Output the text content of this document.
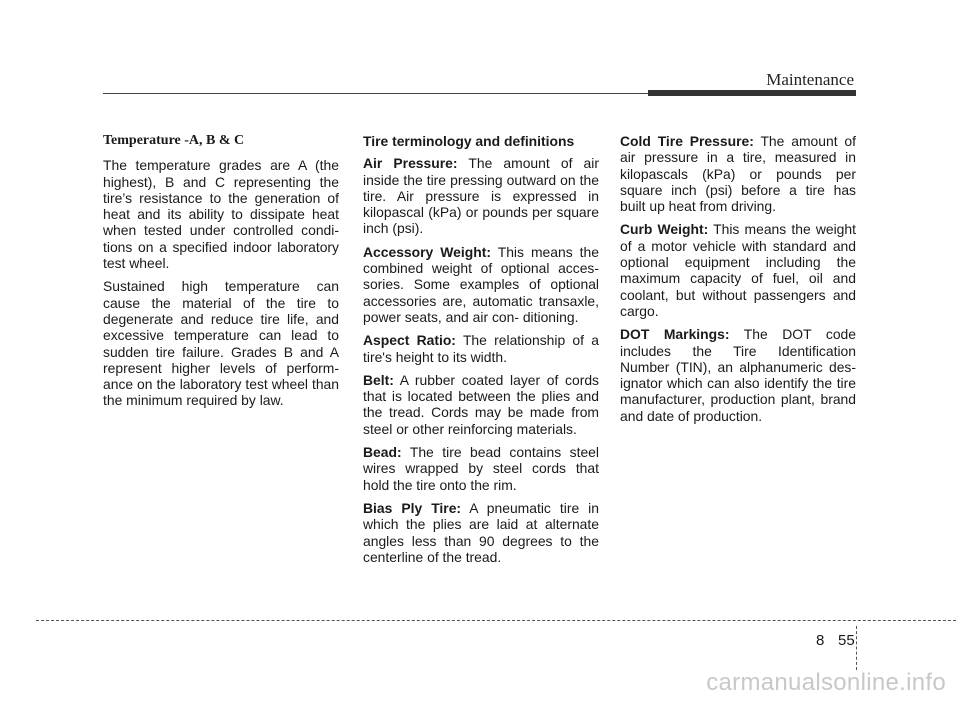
Maintenance
Temperature -A, B & C

The temperature grades are A (the highest), B and C representing the tire’s resistance to the generation of heat and its ability to dissipate heat when tested under controlled condi- tions on a specified indoor laboratory test wheel.

Sustained high temperature can cause the material of the tire to degenerate and reduce tire life, and excessive temperature can lead to sudden tire failure. Grades B and A represent higher levels of perform- ance on the laboratory test wheel than the minimum required by law.

Tire terminology and definitions

Air Pressure: The amount of air inside the tire pressing outward on the tire. Air pressure is expressed in kilopascal (kPa) or pounds per square inch (psi).

Accessory Weight: This means the combined weight of optional acces- sories. Some examples of optional accessories are, automatic transaxle, power seats, and air con- ditioning.

Aspect Ratio: The relationship of a tire's height to its width.

Belt: A rubber coated layer of cords that is located between the plies and the tread. Cords may be made from steel or other reinforcing materials.

Bead: The tire bead contains steel wires wrapped by steel cords that hold the tire onto the rim.

Bias Ply Tire: A pneumatic tire in which the plies are laid at alternate angles less than 90 degrees to the centerline of the tread.

Cold Tire Pressure: The amount of air pressure in a tire, measured in kilopascals (kPa) or pounds per square inch (psi) before a tire has built up heat from driving.

Curb Weight: This means the weight of a motor vehicle with standard and optional equipment including the maximum capacity of fuel, oil and coolant, but without passengers and cargo.

DOT Markings: The DOT code includes the Tire Identification Number (TIN), an alphanumeric des- ignator which can also identify the tire manufacturer, production plant, brand and date of production.

8 55
carmanualsonline.info
